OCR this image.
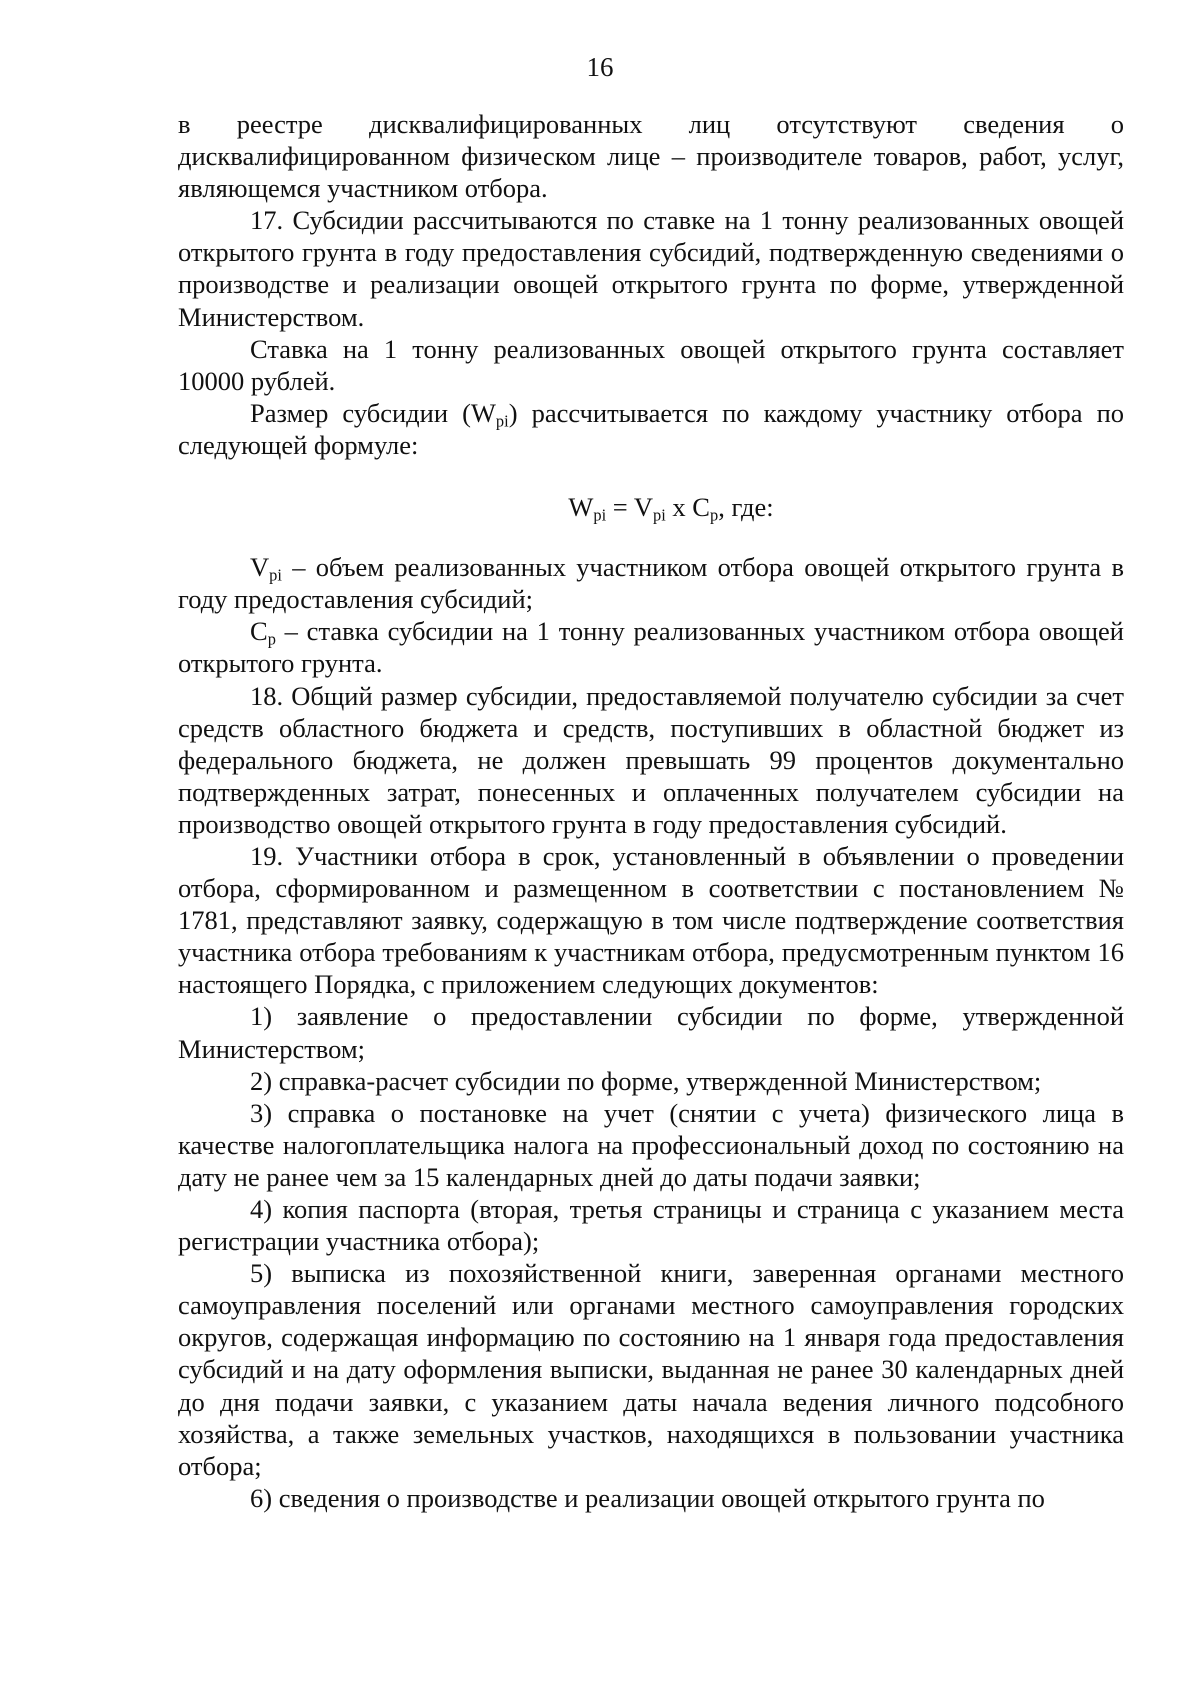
16

в реестре дисквалифицированных лиц отсутствуют сведения о дисквалифицированном физическом лице – производителе товаров, работ, услуг, являющемся участником отбора.

17. Субсидии рассчитываются по ставке на 1 тонну реализованных овощей открытого грунта в году предоставления субсидий, подтвержденную сведениями о производстве и реализации овощей открытого грунта по форме, утвержденной Министерством.

Ставка на 1 тонну реализованных овощей открытого грунта составляет 10000 рублей.

Размер субсидии $(W_{pi})$ рассчитывается по каждому участнику отбора по следующей формуле:

$W_{pi} = V_{pi}$ х $C_p$, где:

$V_{pi}$ – объем реализованных участником отбора овощей открытого грунта в году предоставления субсидий;

$C_p$ – ставка субсидии на 1 тонну реализованных участником отбора овощей открытого грунта.

18. Общий размер субсидии, предоставляемой получателю субсидии за счет средств областного бюджета и средств, поступивших в областной бюджет из федерального бюджета, не должен превышать 99 процентов документально подтвержденных затрат, понесенных и оплаченных получателем субсидии на производство овощей открытого грунта в году предоставления субсидий.

19. Участники отбора в срок, установленный в объявлении о проведении отбора, сформированном и размещенном в соответствии с постановлением № 1781, представляют заявку, содержащую в том числе подтверждение соответствия участника отбора требованиям к участникам отбора, предусмотренным пунктом 16 настоящего Порядка, с приложением следующих документов:

1) заявление о предоставлении субсидии по форме, утвержденной Министерством;

2) справка-расчет субсидии по форме, утвержденной Министерством;

3) справка о постановке на учет (снятии с учета) физического лица в качестве налогоплательщика налога на профессиональный доход по состоянию на дату не ранее чем за 15 календарных дней до даты подачи заявки;

4) копия паспорта (вторая, третья страницы и страница с указанием места регистрации участника отбора);

5) выписка из похозяйственной книги, заверенная органами местного самоуправления поселений или органами местного самоуправления городских округов, содержащая информацию по состоянию на 1 января года предоставления субсидий и на дату оформления выписки, выданная не ранее 30 календарных дней до дня подачи заявки, с указанием даты начала ведения личного подсобного хозяйства, а также земельных участков, находящихся в пользовании участника отбора;

6) сведения о производстве и реализации овощей открытого грунта по
